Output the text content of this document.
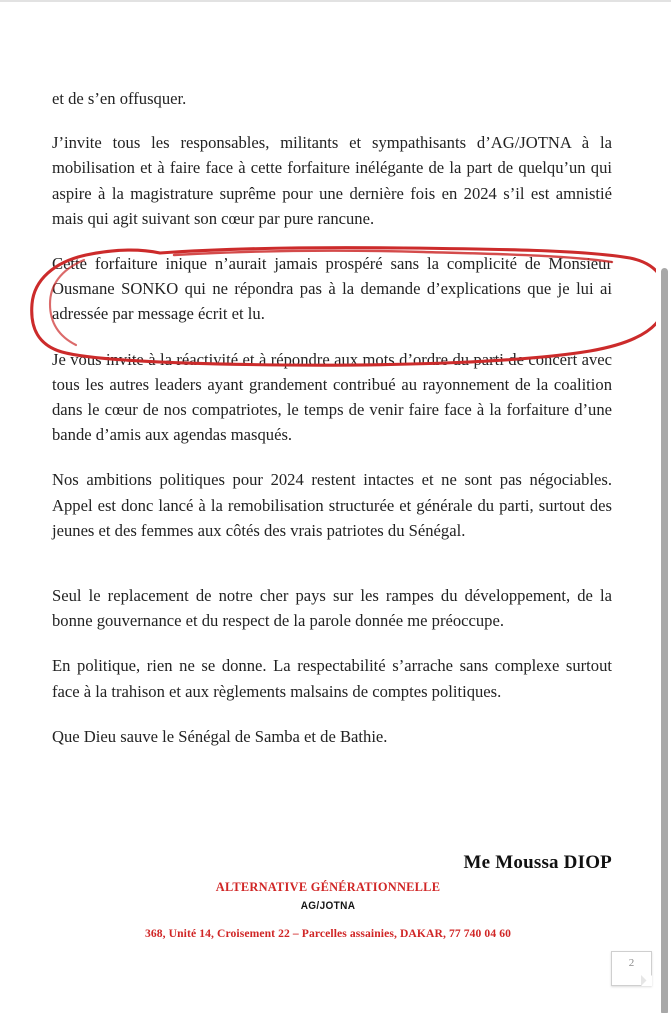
et de s’en offusquer.

J’invite tous les responsables, militants et sympathisants d’AG/JOTNA à la mobilisation et à faire face à cette forfaiture inélégante de la part de quelqu’un qui aspire à la magistrature suprême pour une dernière fois en 2024 s’il est amnistié mais qui agit suivant son cœur par pure rancune.

Cette forfaiture inique n’aurait jamais prospéré sans la complicité de Monsieur Ousmane SONKO qui ne répondra pas à la demande d’explications que je lui ai adressée par message écrit et lu.

Je vous invite à la réactivité et à répondre aux mots d’ordre du parti de concert avec tous les autres leaders ayant grandement contribué au rayonnement de la coalition dans le cœur de nos compatriotes, le temps de venir faire face à la forfaiture d’une bande d’amis aux agendas masqués.

Nos ambitions politiques pour 2024 restent intactes et ne sont pas négociables. Appel est donc lancé à la remobilisation structurée et générale du parti, surtout des jeunes et des femmes aux côtés des vrais patriotes du Sénégal.

Seul le replacement de notre cher pays sur les rampes du développement, de la bonne gouvernance et du respect de la parole donnée me préoccupe.

En politique, rien ne se donne. La respectabilité s’arrache sans complexe surtout face à la trahison et aux règlements malsains de comptes politiques.

Que Dieu sauve le Sénégal de Samba et de Bathie.

Me Moussa DIOP
ALTERNATIVE GÉNÉRATIONNELLE
AG/JOTNA
368, Unité 14, Croisement 22 – Parcelles assainies, DAKAR, 77 740 04 60
2
